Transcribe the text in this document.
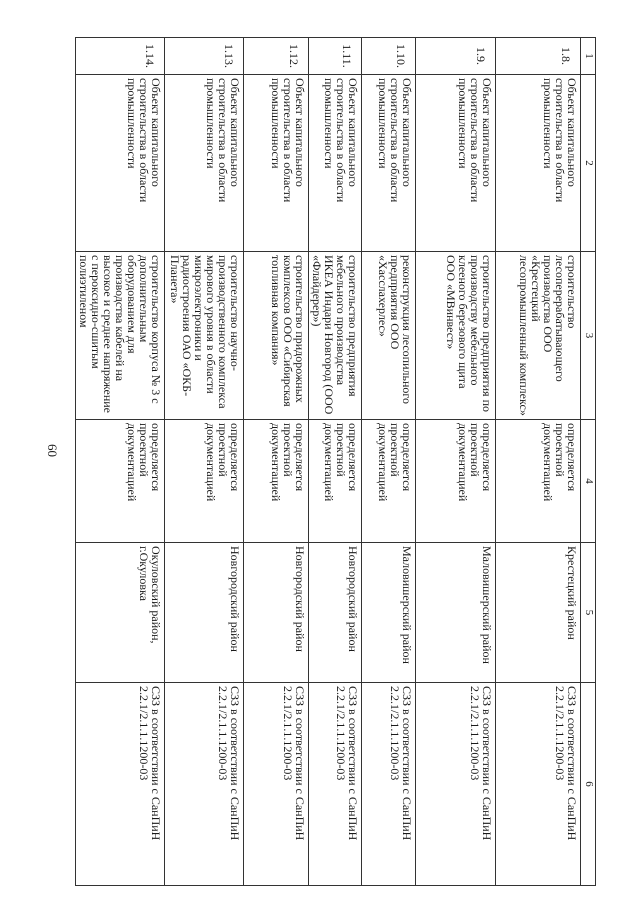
60
1	2	3	4	5	6
1.8.	Объект капитального строительства в области промышленности	строительство лесоперерабатывающего производства ООО «Крестецкий лесопромышленный комплекс»	определяется проектной документацией	Крестецкий район	СЗЗ в соответствии с СанПиН 2.2.1/2.1.1.1200-03
1.9.	Объект капитального строительства в области промышленности	строительство предприятия по производству мебельного клееного березового щита ООО «МВинвест»	определяется проектной документацией	Маловишерский район	СЗЗ в соответствии с СанПиН 2.2.1/2.1.1.1200-03
1.10.	Объект капитального строительства в области промышленности	реконструкция лесопильного предприятия ООО «Хасслахерлес»	определяется проектной документацией	Маловишерский район	СЗЗ в соответствии с СанПиН 2.2.1/2.1.1.1200-03
1.11.	Объект капитального строительства в области промышленности	строительство предприятия мебельного производства ИКЕА Индари Новгород (ООО «Флайдерер»)	определяется проектной документацией	Новгородский район	СЗЗ в соответствии с СанПиН 2.2.1/2.1.1.1200-03
1.12.	Объект капитального строительства в области промышленности	строительство придорожных комплексов ООО «Сибирская топливная компания»	определяется проектной документацией	Новгородский район	СЗЗ в соответствии с СанПиН 2.2.1/2.1.1.1200-03
1.13.	Объект капитального строительства в области промышленности	строительство научно-производственного комплекса мирового уровня в области микроэлектроники и радиостроения ОАО «ОКБ-Планета»	определяется проектной документацией	Новгородский район	СЗЗ в соответствии с СанПиН 2.2.1/2.1.1.1200-03
1.14.	Объект капитального строительства в области промышленности	строительство корпуса № 3 с дополнительным оборудованием для производства кабелей на высокое и среднее напряжение с пероксидно-сшитым полиэтиленом	определяется проектной документацией	Окуловский район, г.Окуловка	СЗЗ в соответствии с СанПиН 2.2.1/2.1.1.1200-03
